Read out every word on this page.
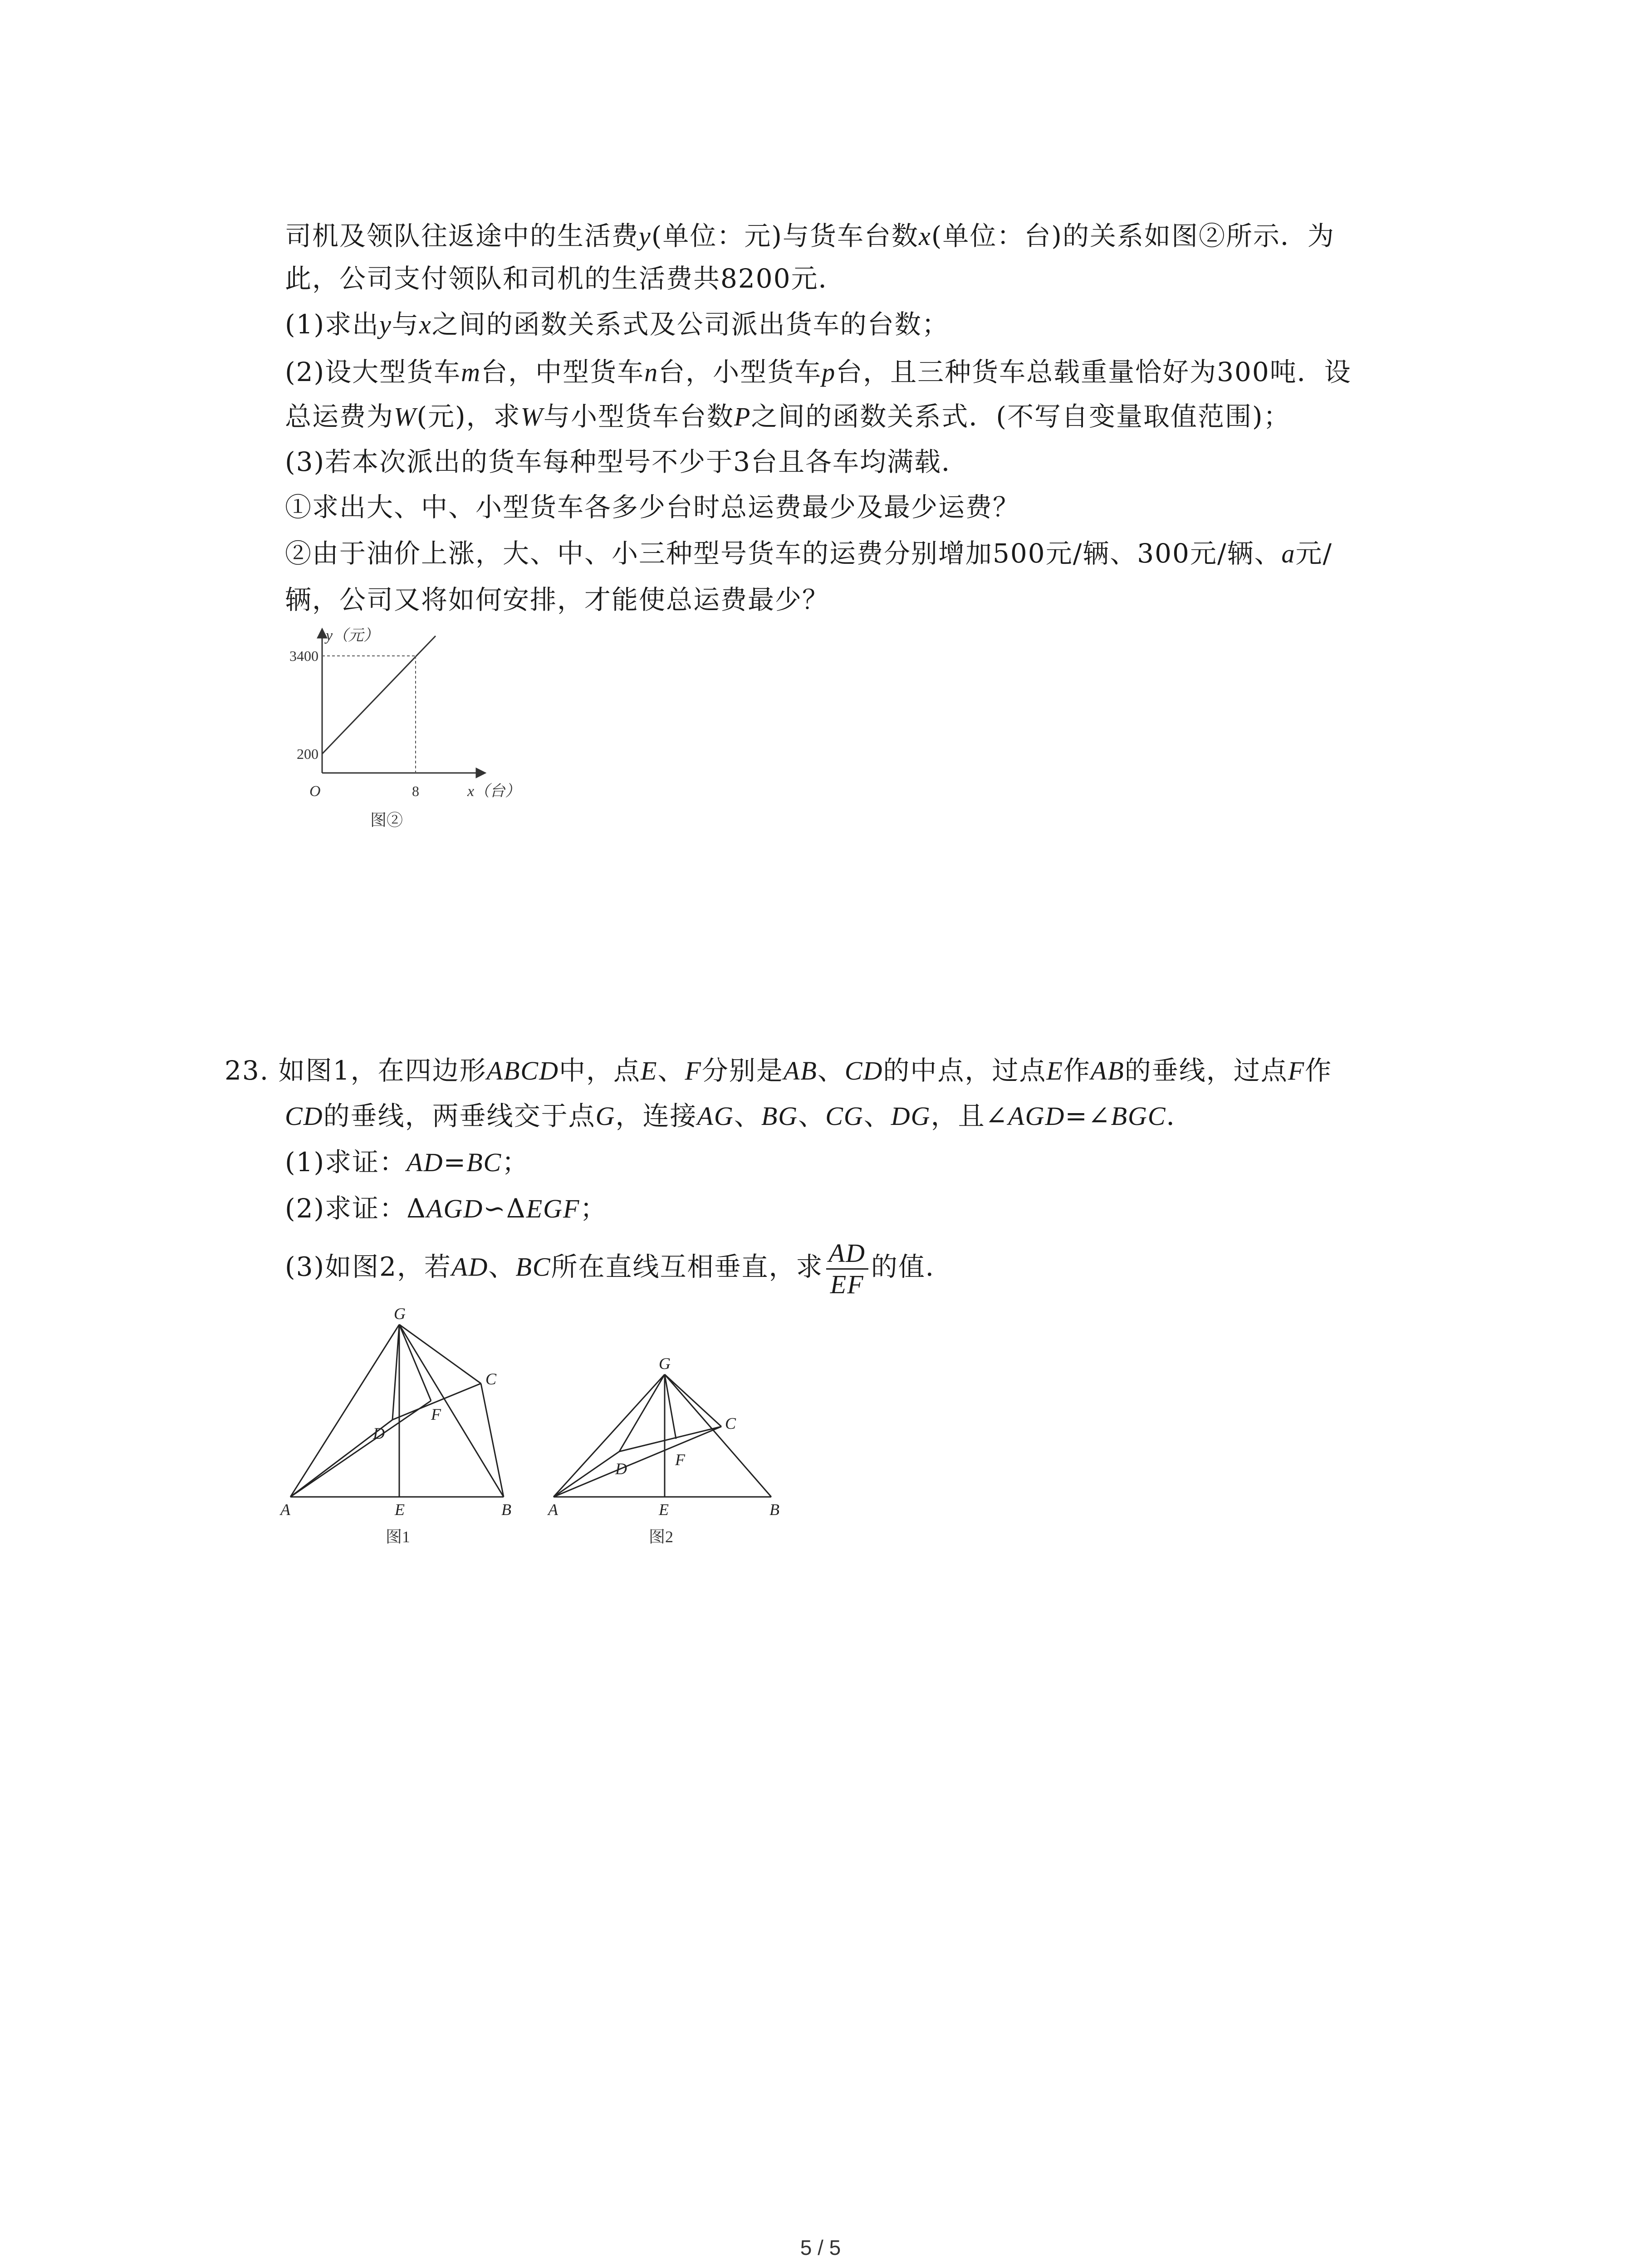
司机及领队往返途中的生活费y(单位：元)与货车台数x(单位：台)的关系如图②所示．为
此，公司支付领队和司机的生活费共8200元．
(1)求出y与x之间的函数关系式及公司派出货车的台数；
(2)设大型货车m台，中型货车n台，小型货车p台，且三种货车总载重量恰好为300吨．设
总运费为W(元)，求W与小型货车台数P之间的函数关系式．(不写自变量取值范围)；
(3)若本次派出的货车每种型号不少于3台且各车均满载．
①求出大、中、小型货车各多少台时总运费最少及最少运费？
②由于油价上涨，大、中、小三种型号货车的运费分别增加500元/辆、300元/辆、a元/
辆，公司又将如何安排，才能使总运费最少？
y（元）
3400
200
O	8	x（台）
图②
23. 如图1，在四边形ABCD中，点E、F分别是AB、CD的中点，过点E作AB的垂线，过点F作
CD的垂线，两垂线交于点G，连接AG、BG、CG、DG，且∠AGD=∠BGC．
(1)求证：AD=BC；
(2)求证：ΔAGD∽ΔEGF；
(3)如图2，若AD、BC所在直线互相垂直，求 $\frac{AD}{EF}$ 的值．
G
C
D
F
A	E	B
图1
G
C
D	F
A	E	B
图2
5 / 5
